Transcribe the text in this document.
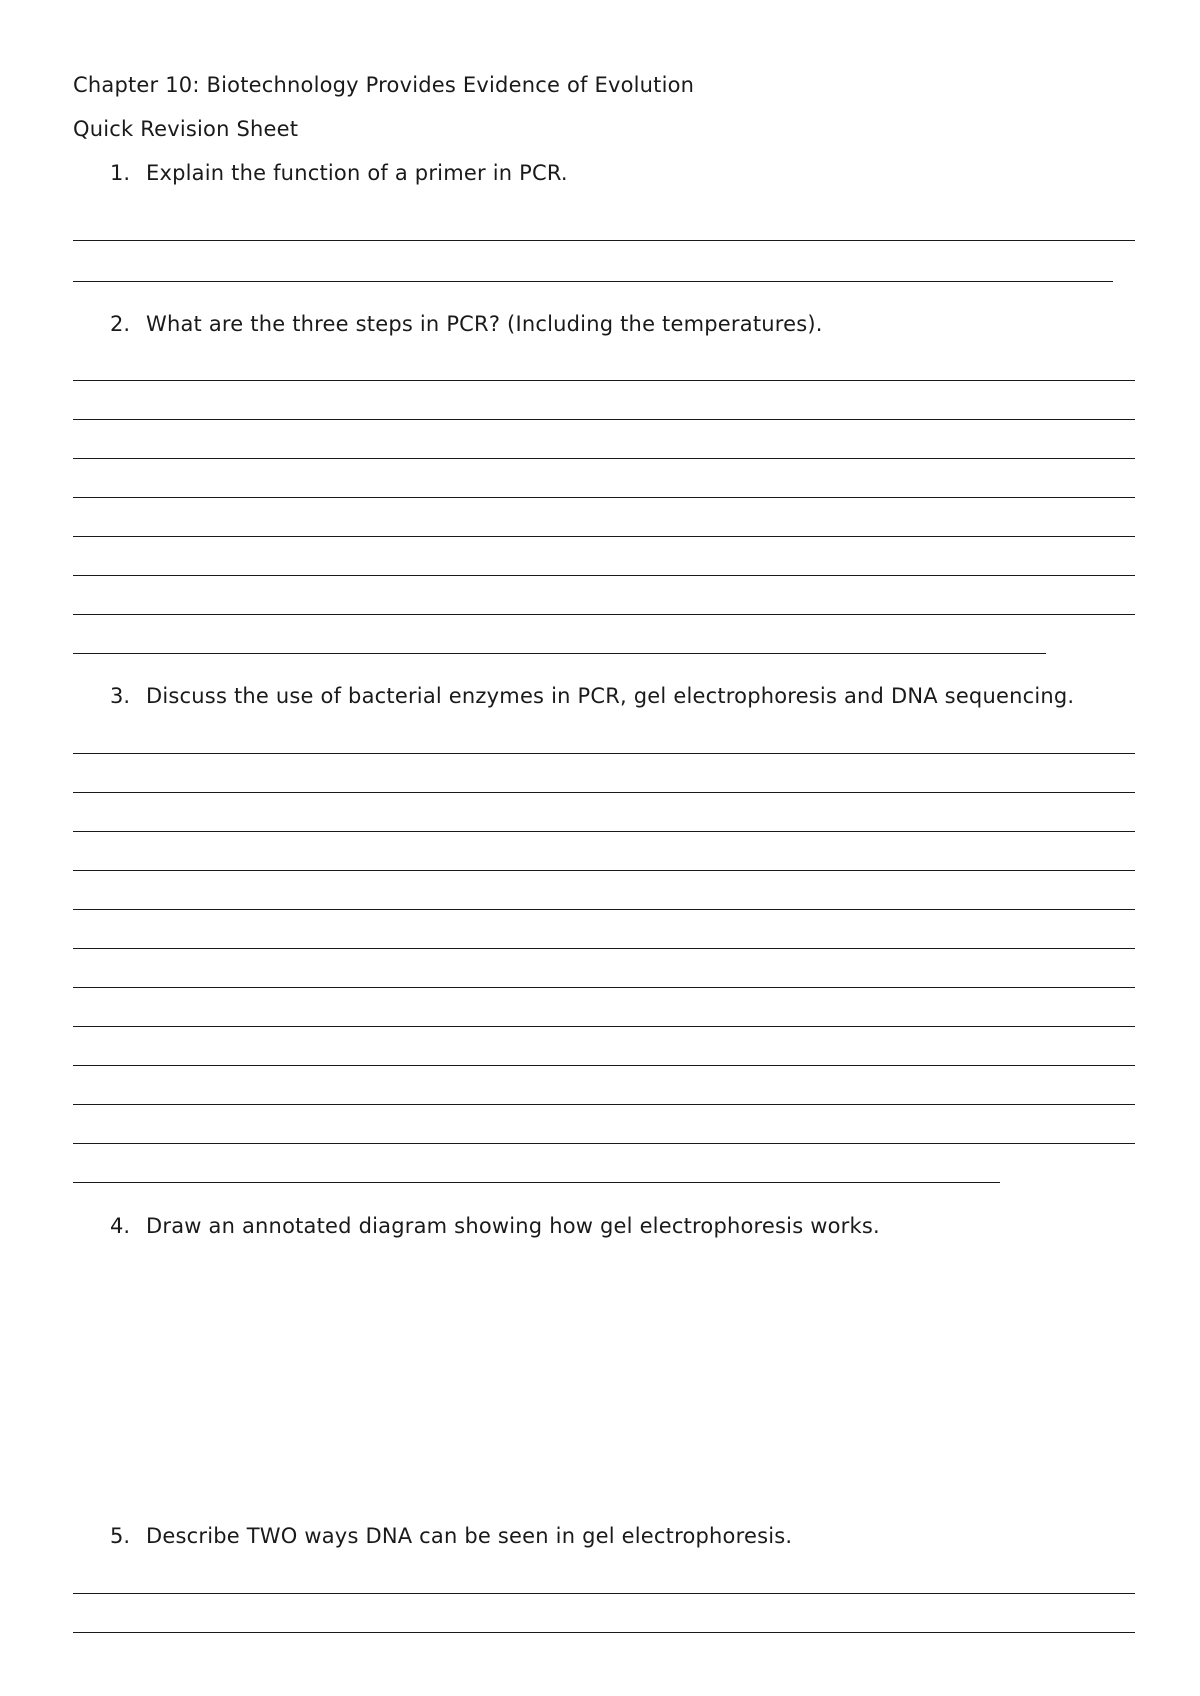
Chapter 10: Biotechnology Provides Evidence of Evolution
Quick Revision Sheet
1. Explain the function of a primer in PCR.
2. What are the three steps in PCR? (Including the temperatures).
3. Discuss the use of bacterial enzymes in PCR, gel electrophoresis and DNA sequencing.
4. Draw an annotated diagram showing how gel electrophoresis works.
5. Describe TWO ways DNA can be seen in gel electrophoresis.
